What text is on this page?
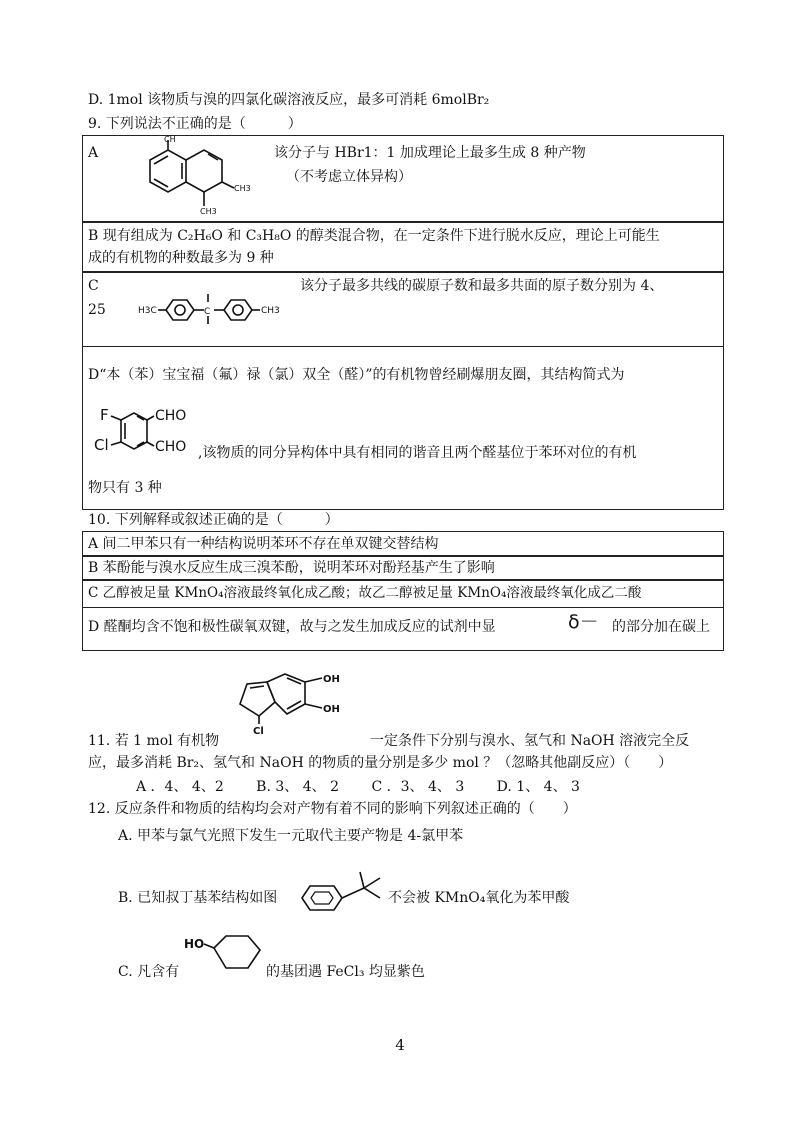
D. 1mol 该物质与溴的四氯化碳溶液反应，最多可消耗 6molBr₂
9. 下列说法不正确的是（　　　）
A
CH
CH3
CH3
该分子与 HBr1：1 加成理论上最多生成 8 种产物
（不考虑立体异构）
B 现有组成为 C₂H₆O 和 C₃H₈O 的醇类混合物，在一定条件下进行脱水反应，理论上可能生
成的有机物的种数最多为 9 种
C	该分子最多共线的碳原子数和最多共面的原子数分别为 4、
25	H3C	C	CH3
D“本（苯）宝宝福（氟）禄（氯）双全（醛）”的有机物曾经刷爆朋友圈，其结构简式为
F
Cl
CHO
CHO ,该物质的同分异构体中具有相同的谐音且两个醛基位于苯环对位的有机
物只有 3 种
10. 下列解释或叙述正确的是（　　　）
A 间二甲苯只有一种结构说明苯环不存在单双键交替结构
B 苯酚能与溴水反应生成三溴苯酚，说明苯环对酚羟基产生了影响
C 乙醇被足量 KMnO₄溶液最终氧化成乙酸；故乙二醇被足量 KMnO₄溶液最终氧化成乙二酸
D 醛酮均含不饱和极性碳氧双键，故与之发生加成反应的试剂中显	δ－ 的部分加在碳上
OH
OH
Cl
11. 若 1 mol 有机物	一定条件下分别与溴水、氢气和 NaOH 溶液完全反
应，最多消耗 Br₂、氢气和 NaOH 的物质的量分别是多少 mol ？（忽略其他副反应）（　　）
A ．4、 4、2　　 B. 3、 4、 2　　 C ．3、 4、 3　　 D. 1、 4、 3
12. 反应条件和物质的结构均会对产物有着不同的影响下列叙述正确的（　　）
A. 甲苯与氯气光照下发生一元取代主要产物是 4-氯甲苯
B. 已知叔丁基苯结构如图	不会被 KMnO₄氧化为苯甲酸
HO
C. 凡含有	的基团遇 FeCl₃ 均显紫色
4
